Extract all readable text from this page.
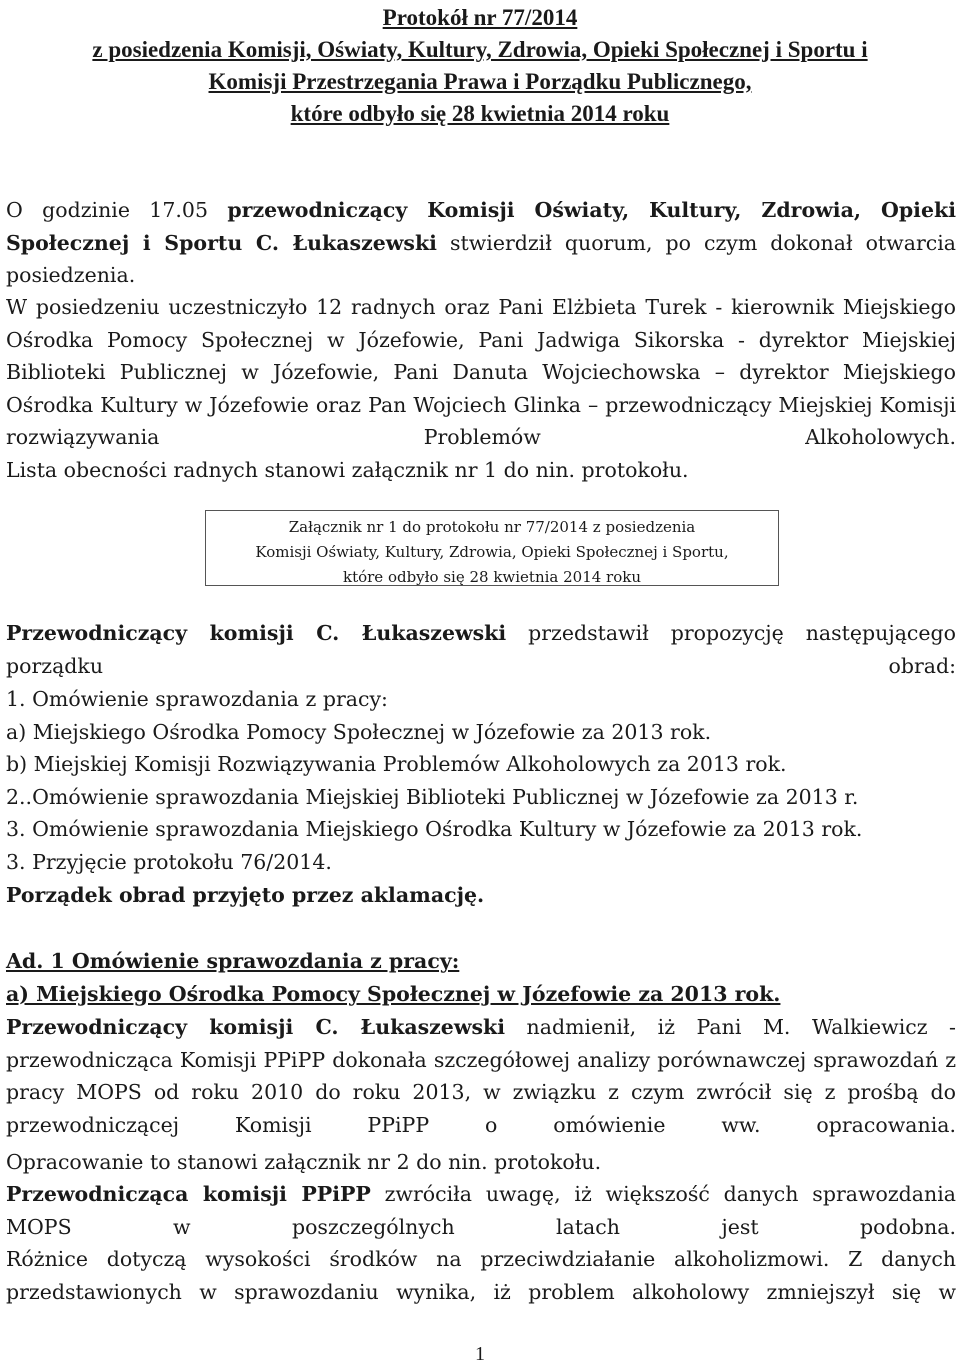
Protokół nr 77/2014
z posiedzenia Komisji, Oświaty, Kultury, Zdrowia, Opieki Społecznej i Sportu i
Komisji Przestrzegania Prawa i Porządku Publicznego,
które odbyło się 28 kwietnia 2014 roku
O godzinie 17.05 przewodniczący Komisji Oświaty, Kultury, Zdrowia, Opieki Społecznej i Sportu C. Łukaszewski stwierdził quorum, po czym dokonał otwarcia posiedzenia.
W posiedzeniu uczestniczyło 12 radnych oraz Pani Elżbieta Turek - kierownik Miejskiego Ośrodka Pomocy Społecznej w Józefowie, Pani Jadwiga Sikorska - dyrektor Miejskiej Biblioteki Publicznej w Józefowie, Pani Danuta Wojciechowska – dyrektor Miejskiego Ośrodka Kultury w Józefowie oraz Pan Wojciech Glinka – przewodniczący Miejskiej Komisji rozwiązywania Problemów Alkoholowych.
Lista obecności radnych stanowi załącznik nr 1 do nin. protokołu.
Załącznik nr 1 do protokołu nr 77/2014 z posiedzenia
Komisji Oświaty, Kultury, Zdrowia, Opieki Społecznej i Sportu,
które odbyło się 28 kwietnia 2014 roku
Przewodniczący komisji C. Łukaszewski przedstawił propozycję następującego porządku obrad:
1. Omówienie sprawozdania z pracy:
a) Miejskiego Ośrodka Pomocy Społecznej w Józefowie za 2013 rok.
b) Miejskiej Komisji Rozwiązywania Problemów Alkoholowych za 2013 rok.
2..Omówienie sprawozdania Miejskiej Biblioteki Publicznej w Józefowie za 2013 r.
3. Omówienie sprawozdania Miejskiego Ośrodka Kultury w Józefowie za 2013 rok.
3. Przyjęcie protokołu 76/2014.
Porządek obrad przyjęto przez aklamację.
Ad. 1 Omówienie sprawozdania z pracy:
a) Miejskiego Ośrodka Pomocy Społecznej w Józefowie za 2013 rok.
Przewodniczący komisji C. Łukaszewski nadmienił, iż Pani M. Walkiewicz - przewodnicząca Komisji PPiPP dokonała szczegółowej analizy porównawczej sprawozdań z pracy MOPS od roku 2010 do roku 2013, w związku z czym zwrócił się z prośbą do przewodniczącej Komisji PPiPP o omówienie ww. opracowania.
Opracowanie to stanowi załącznik nr 2 do nin. protokołu.
Przewodnicząca komisji PPiPP zwróciła uwagę, iż większość danych sprawozdania MOPS w poszczególnych latach jest podobna.
Różnice dotyczą wysokości środków na przeciwdziałanie alkoholizmowi. Z danych przedstawionych w sprawozdaniu wynika, iż problem alkoholowy zmniejszył się w
1
